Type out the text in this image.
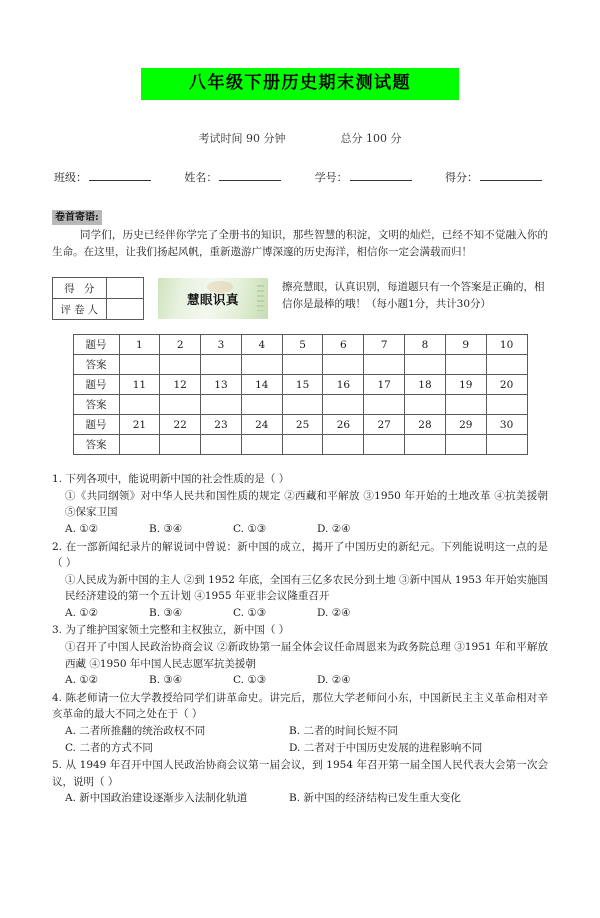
八年级下册历史期末测试题
考试时间 90 分钟	总分 100 分
班级：	姓名：	学号：	得分：
卷首寄语:
同学们，历史已经伴你学完了全册书的知识，那些智慧的积淀，文明的灿烂，已经不知不觉融入你的生命。在这里，让我们扬起风帆，重新遨游广博深邃的历史海洋，相信你一定会满载而归！
得 分	
评卷人	
慧眼识真
擦亮慧眼，认真识别，每道题只有一个答案是正确的，相信你是最棒的哦！（每小题1分，共计30分）
题号	1	2	3	4	5	6	7	8	9	10
答案										
题号	11	12	13	14	15	16	17	18	19	20
答案										
题号	21	22	23	24	25	26	27	28	29	30
答案										
1. 下列各项中，能说明新中国的社会性质的是（ ）
①《共同纲领》对中华人民共和国性质的规定 ②西藏和平解放 ③1950 年开始的土地改革 ④抗美援朝 ⑤保家卫国
A. ①②	B. ③④	C. ①③	D. ②④
2. 在一部新闻纪录片的解说词中曾说：新中国的成立，揭开了中国历史的新纪元。下列能说明这一点的是（ ）
①人民成为新中国的主人 ②到 1952 年底，全国有三亿多农民分到土地 ③新中国从 1953 年开始实施国民经济建设的第一个五计划 ④1955 年亚非会议隆重召开
A. ①②	B. ③④	C. ①③	D. ②④
3. 为了维护国家领土完整和主权独立，新中国（ ）
①召开了中国人民政治协商会议 ②新政协第一届全体会议任命周恩来为政务院总理 ③1951 年和平解放西藏 ④1950 年中国人民志愿军抗美援朝
A. ①②	B. ③④	C. ①③	D. ②④
4. 陈老师请一位大学教授给同学们讲革命史。讲完后，那位大学老师问小东，中国新民主主义革命相对辛亥革命的最大不同之处在于（ ）
A. 二者所推翻的统治政权不同	B. 二者的时间长短不同
C. 二者的方式不同	D. 二者对于中国历史发展的进程影响不同
5. 从 1949 年召开中国人民政治协商会议第一届会议，到 1954 年召开第一届全国人民代表大会第一次会议，说明（ ）
A. 新中国政治建设逐渐步入法制化轨道	B. 新中国的经济结构已发生重大变化
